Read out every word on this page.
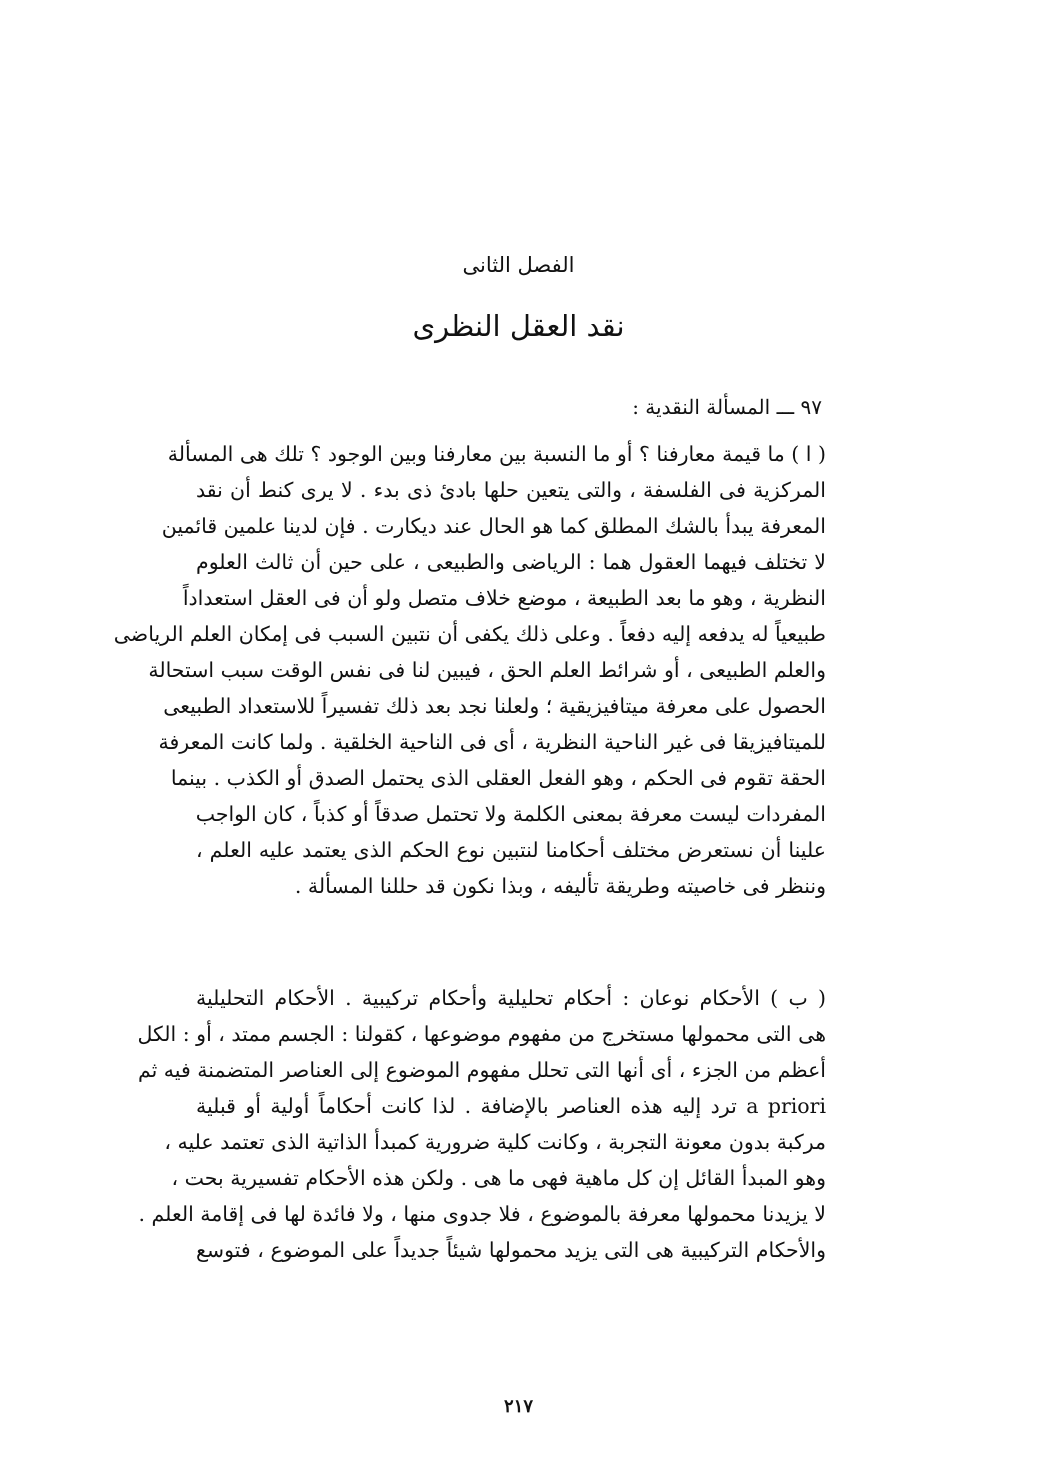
الفصل الثانى
نقد العقل النظرى
٩٧ ـــ المسألة النقدية :
( ا ) ما قيمة معارفنا ؟ أو ما النسبة بين معارفنا وبين الوجود ؟ تلك هى المسألة
المركزية فى الفلسفة ، والتى يتعين حلها بادئ ذى بدء . لا يرى كنط أن نقد
المعرفة يبدأ بالشك المطلق كما هو الحال عند ديكارت . فإن لدينا علمين قائمين
لا تختلف فيهما العقول هما : الرياضى والطبيعى ، على حين أن ثالث العلوم
النظرية ، وهو ما بعد الطبيعة ، موضع خلاف متصل ولو أن فى العقل استعداداً
طبيعياً له يدفعه إليه دفعاً . وعلى ذلك يكفى أن نتبين السبب فى إمكان العلم الرياضى
والعلم الطبيعى ، أو شرائط العلم الحق ، فيبين لنا فى نفس الوقت سبب استحالة
الحصول على معرفة ميتافيزيقية ؛ ولعلنا نجد بعد ذلك تفسيراً للاستعداد الطبيعى
للميتافيزيقا فى غير الناحية النظرية ، أى فى الناحية الخلقية . ولما كانت المعرفة
الحقة تقوم فى الحكم ، وهو الفعل العقلى الذى يحتمل الصدق أو الكذب . بينما
المفردات ليست معرفة بمعنى الكلمة ولا تحتمل صدقاً أو كذباً ، كان الواجب
علينا أن نستعرض مختلف أحكامنا لنتبين نوع الحكم الذى يعتمد عليه العلم ،
وننظر فى خاصيته وطريقة تأليفه ، وبذا نكون قد حللنا المسألة .
( ب ) الأحكام نوعان : أحكام تحليلية وأحكام تركيبية . الأحكام التحليلية
هى التى محمولها مستخرج من مفهوم موضوعها ، كقولنا : الجسم ممتد ، أو : الكل
أعظم من الجزء ، أى أنها التى تحلل مفهوم الموضوع إلى العناصر المتضمنة فيه ثم
a priori ترد إليه هذه العناصر بالإضافة . لذا كانت أحكاماً أولية أو قبلية
مركبة بدون معونة التجربة ، وكانت كلية ضرورية كمبدأ الذاتية الذى تعتمد عليه ،
وهو المبدأ القائل إن كل ماهية فهى ما هى . ولكن هذه الأحكام تفسيرية بحت ،
لا يزيدنا محمولها معرفة بالموضوع ، فلا جدوى منها ، ولا فائدة لها فى إقامة العلم .
والأحكام التركيبية هى التى يزيد محمولها شيئاً جديداً على الموضوع ، فتوسع
٢١٧
